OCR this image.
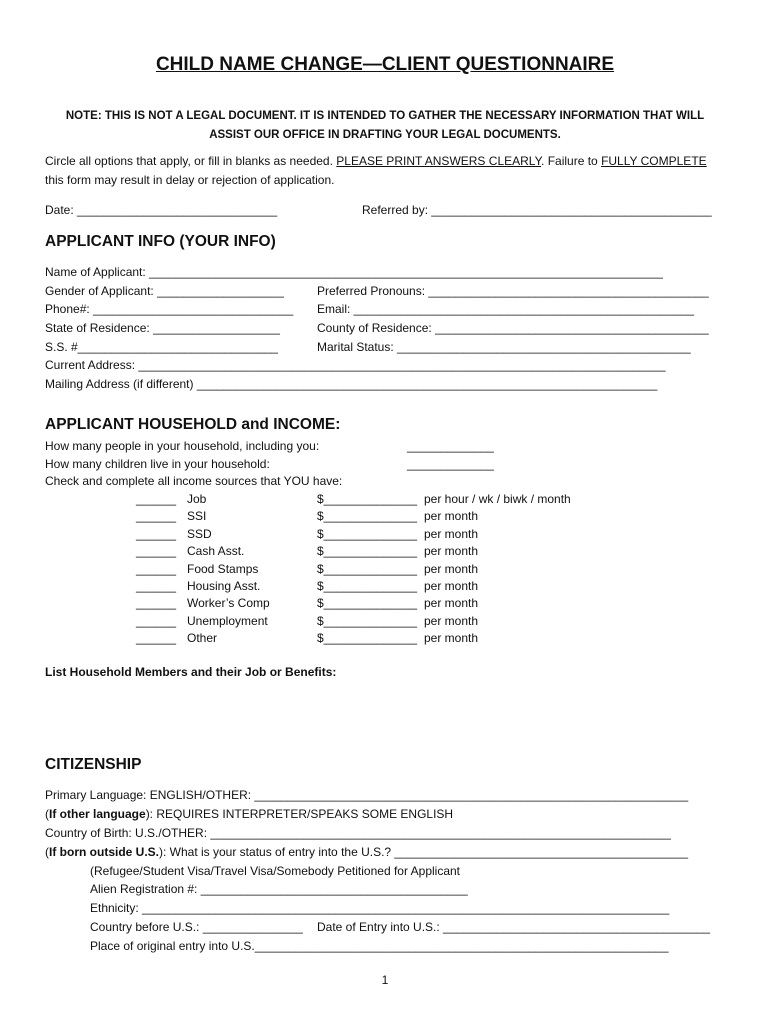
CHILD NAME CHANGE—CLIENT QUESTIONNAIRE
NOTE: THIS IS NOT A LEGAL DOCUMENT. IT IS INTENDED TO GATHER THE NECESSARY INFORMATION THAT WILL
ASSIST OUR OFFICE IN DRAFTING YOUR LEGAL DOCUMENTS.
Circle all options that apply, or fill in blanks as needed. PLEASE PRINT ANSWERS CLEARLY. Failure to FULLY COMPLETE
this form may result in delay or rejection of application.
Date: ______________________________	Referred by: __________________________________________
APPLICANT INFO (YOUR INFO)
Name of Applicant: _____________________________________________________________________________
Gender of Applicant: ___________________	Preferred Pronouns: __________________________________________
Phone#: ______________________________ Email: ___________________________________________________
State of Residence: ___________________	County of Residence: _________________________________________
S.S. #______________________________	Marital Status: ____________________________________________
Current Address: _______________________________________________________________________________
Mailing Address (if different) _____________________________________________________________________
APPLICANT HOUSEHOLD and INCOME:
How many people in your household, including you:	_____________
How many children live in your household:	_____________
Check and complete all income sources that YOU have:
______ Job	$______________ per hour / wk / biwk / month
______ SSI	$______________ per month
______ SSD	$______________ per month
______ Cash Asst.	$______________ per month
______ Food Stamps	$______________ per month
______ Housing Asst.	$______________ per month
______ Worker’s Comp	$______________ per month
______ Unemployment	$______________ per month
______ Other	$______________ per month
List Household Members and their Job or Benefits:
CITIZENSHIP
Primary Language: ENGLISH/OTHER: _________________________________________________________________
(If other language): REQUIRES INTERPRETER/SPEAKS SOME ENGLISH
Country of Birth: U.S./OTHER: _____________________________________________________________________
(If born outside U.S.): What is your status of entry into the U.S.? ____________________________________________
(Refugee/Student Visa/Travel Visa/Somebody Petitioned for Applicant
Alien Registration #: ________________________________________
Ethnicity: _______________________________________________________________________________
Country before U.S.: _______________ Date of Entry into U.S.: ________________________________________
Place of original entry into U.S.______________________________________________________________
1
